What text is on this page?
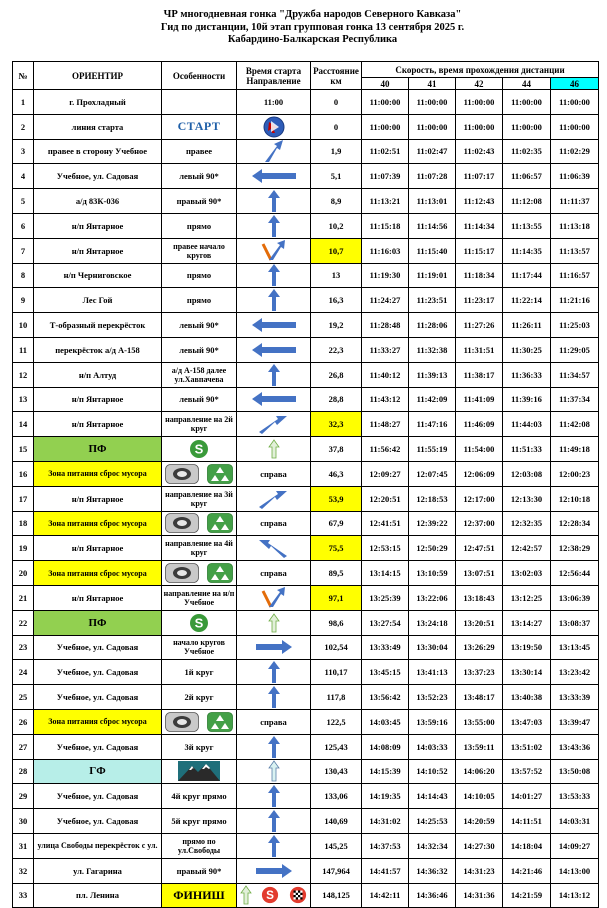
ЧР многодневная гонка "Дружба народов Северного Кавказа"
Гид по дистанции, 10й этап групповая гонка 13 сентября 2025 г.
Кабардино-Балкарская Республика
№	ОРИЕНТИР	Особенности	Время старта Направление	Расстояние км	Скорость, время прохождения дистанции				
					40	41	42	44	46
1	г. Прохладный		11:00	0	11:00:00	11:00:00	11:00:00	11:00:00	11:00:00
2	линия старта	СТАРТ		0	11:00:00	11:00:00	11:00:00	11:00:00	11:00:00
3	правее в сторону Учебное	правее		1,9	11:02:51	11:02:47	11:02:43	11:02:35	11:02:29
4	Учебное, ул. Садовая	левый 90*		5,1	11:07:39	11:07:28	11:07:17	11:06:57	11:06:39
5	а/д 83К-036	правый 90*		8,9	11:13:21	11:13:01	11:12:43	11:12:08	11:11:37
6	н/п Янтарное	прямо		10,2	11:15:18	11:14:56	11:14:34	11:13:55	11:13:18
7	н/п Янтарное	правее начало кругов		10,7	11:16:03	11:15:40	11:15:17	11:14:35	11:13:57
8	н/п Черниговское	прямо		13	11:19:30	11:19:01	11:18:34	11:17:44	11:16:57
9	Лес Гой	прямо		16,3	11:24:27	11:23:51	11:23:17	11:22:14	11:21:16
10	Т-образный перекрёсток	левый 90*		19,2	11:28:48	11:28:06	11:27:26	11:26:11	11:25:03
11	перекрёсток а/д А-158	левый 90*		22,3	11:33:27	11:32:38	11:31:51	11:30:25	11:29:05
12	н/п Алтуд	а/д А-158 далее ул.Хавпачева		26,8	11:40:12	11:39:13	11:38:17	11:36:33	11:34:57
13	н/п Янтарное	левый 90*		28,8	11:43:12	11:42:09	11:41:09	11:39:16	11:37:34
14	н/п Янтарное	направление на 2й круг		32,3	11:48:27	11:47:16	11:46:09	11:44:03	11:42:08
15	ПФ	S		37,8	11:56:42	11:55:19	11:54:00	11:51:33	11:49:18
16	Зона питания сброс мусора		справа	46,3	12:09:27	12:07:45	12:06:09	12:03:08	12:00:23
17	н/п Янтарное	направление на 3й круг		53,9	12:20:51	12:18:53	12:17:00	12:13:30	12:10:18
18	Зона питания сброс мусора		справа	67,9	12:41:51	12:39:22	12:37:00	12:32:35	12:28:34
19	н/п Янтарное	направление на 4й круг		75,5	12:53:15	12:50:29	12:47:51	12:42:57	12:38:29
20	Зона питания сброс мусора		справа	89,5	13:14:15	13:10:59	13:07:51	13:02:03	12:56:44
21	н/п Янтарное	направление на н/п Учебное		97,1	13:25:39	13:22:06	13:18:43	13:12:25	13:06:39
22	ПФ	S		98,6	13:27:54	13:24:18	13:20:51	13:14:27	13:08:37
23	Учебное, ул. Садовая	начало кругов Учебное		102,54	13:33:49	13:30:04	13:26:29	13:19:50	13:13:45
24	Учебное, ул. Садовая	1й круг		110,17	13:45:15	13:41:13	13:37:23	13:30:14	13:23:42
25	Учебное, ул. Садовая	2й круг		117,8	13:56:42	13:52:23	13:48:17	13:40:38	13:33:39
26	Зона питания сброс мусора		справа	122,5	14:03:45	13:59:16	13:55:00	13:47:03	13:39:47
27	Учебное, ул. Садовая	3й круг		125,43	14:08:09	14:03:33	13:59:11	13:51:02	13:43:36
28	ГФ			130,43	14:15:39	14:10:52	14:06:20	13:57:52	13:50:08
29	Учебное, ул. Садовая	4й круг прямо		133,06	14:19:35	14:14:43	14:10:05	14:01:27	13:53:33
30	Учебное, ул. Садовая	5й круг прямо		140,69	14:31:02	14:25:53	14:20:59	14:11:51	14:03:31
31	улица Свободы перекрёсток с ул.	прямо по ул.Свободы		145,25	14:37:53	14:32:34	14:27:30	14:18:04	14:09:27
32	ул. Гагарина	правый 90*		147,964	14:41:57	14:36:32	14:31:23	14:21:46	14:13:00
33	пл. Ленина	ФИНИШ	S	148,125	14:42:11	14:36:46	14:31:36	14:21:59	14:13:12
